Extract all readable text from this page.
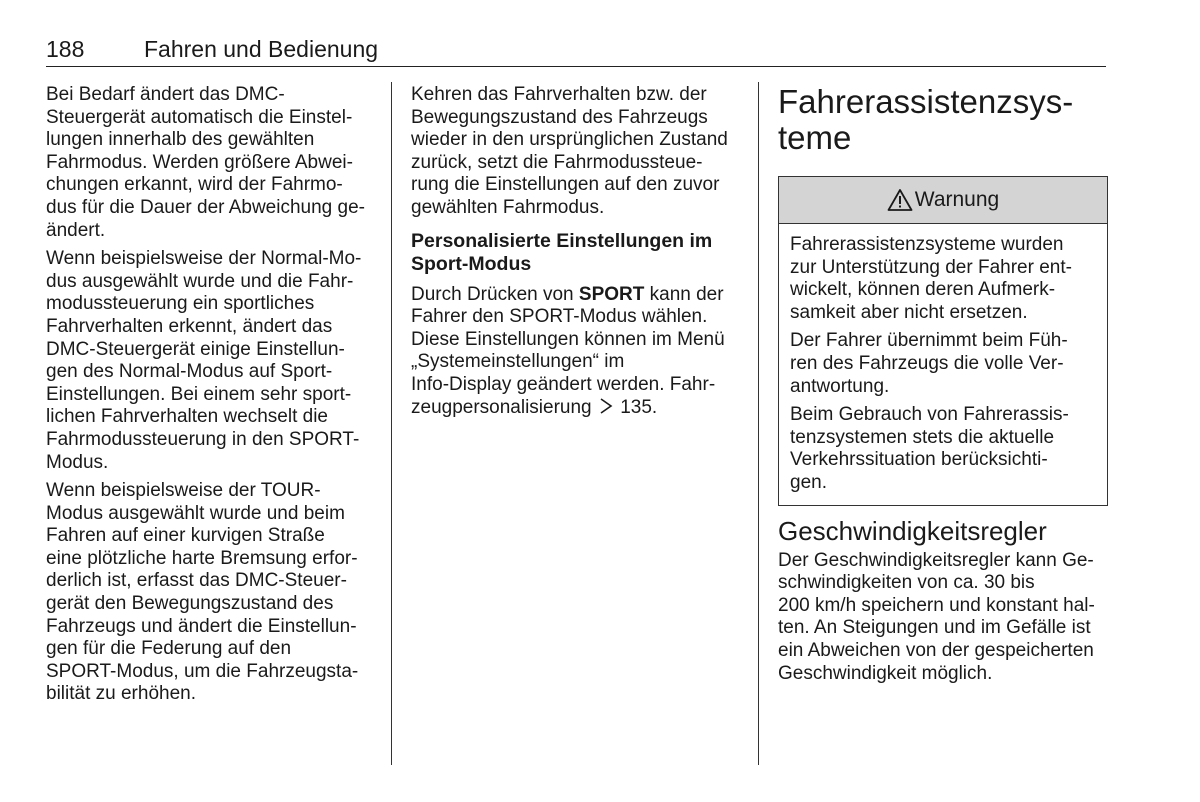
188	Fahren und Bedienung

Bei Bedarf ändert das DMC-
Steuergerät automatisch die Einstel-
lungen innerhalb des gewählten
Fahrmodus. Werden größere Abwei-
chungen erkannt, wird der Fahrmo-
dus für die Dauer der Abweichung ge-
ändert.

Wenn beispielsweise der Normal-Mo-
dus ausgewählt wurde und die Fahr-
modussteuerung ein sportliches
Fahrverhalten erkennt, ändert das
DMC-Steuergerät einige Einstellun-
gen des Normal-Modus auf Sport-
Einstellungen. Bei einem sehr sport-
lichen Fahrverhalten wechselt die
Fahrmodussteuerung in den SPORT-
Modus.

Wenn beispielsweise der TOUR-
Modus ausgewählt wurde und beim
Fahren auf einer kurvigen Straße
eine plötzliche harte Bremsung erfor-
derlich ist, erfasst das DMC-Steuer-
gerät den Bewegungszustand des
Fahrzeugs und ändert die Einstellun-
gen für die Federung auf den
SPORT-Modus, um die Fahrzeugsta-
bilität zu erhöhen.

Kehren das Fahrverhalten bzw. der
Bewegungszustand des Fahrzeugs
wieder in den ursprünglichen Zustand
zurück, setzt die Fahrmodussteue-
rung die Einstellungen auf den zuvor
gewählten Fahrmodus.

Personalisierte Einstellungen im
Sport-Modus

Durch Drücken von SPORT kann der
Fahrer den SPORT-Modus wählen.
Diese Einstellungen können im Menü
„Systemeinstellungen“ im
Info-Display geändert werden. Fahr-
zeugpersonalisierung 135.

Fahrerassistenzsys-
teme
Warnung

Fahrerassistenzsysteme wurden
zur Unterstützung der Fahrer ent-
wickelt, können deren Aufmerk-
samkeit aber nicht ersetzen.

Der Fahrer übernimmt beim Füh-
ren des Fahrzeugs die volle Ver-
antwortung.

Beim Gebrauch von Fahrerassis-
tenzsystemen stets die aktuelle
Verkehrssituation berücksichti-
gen.

Geschwindigkeitsregler

Der Geschwindigkeitsregler kann Ge-
schwindigkeiten von ca. 30 bis
200 km/h speichern und konstant hal-
ten. An Steigungen und im Gefälle ist
ein Abweichen von der gespeicherten
Geschwindigkeit möglich.
